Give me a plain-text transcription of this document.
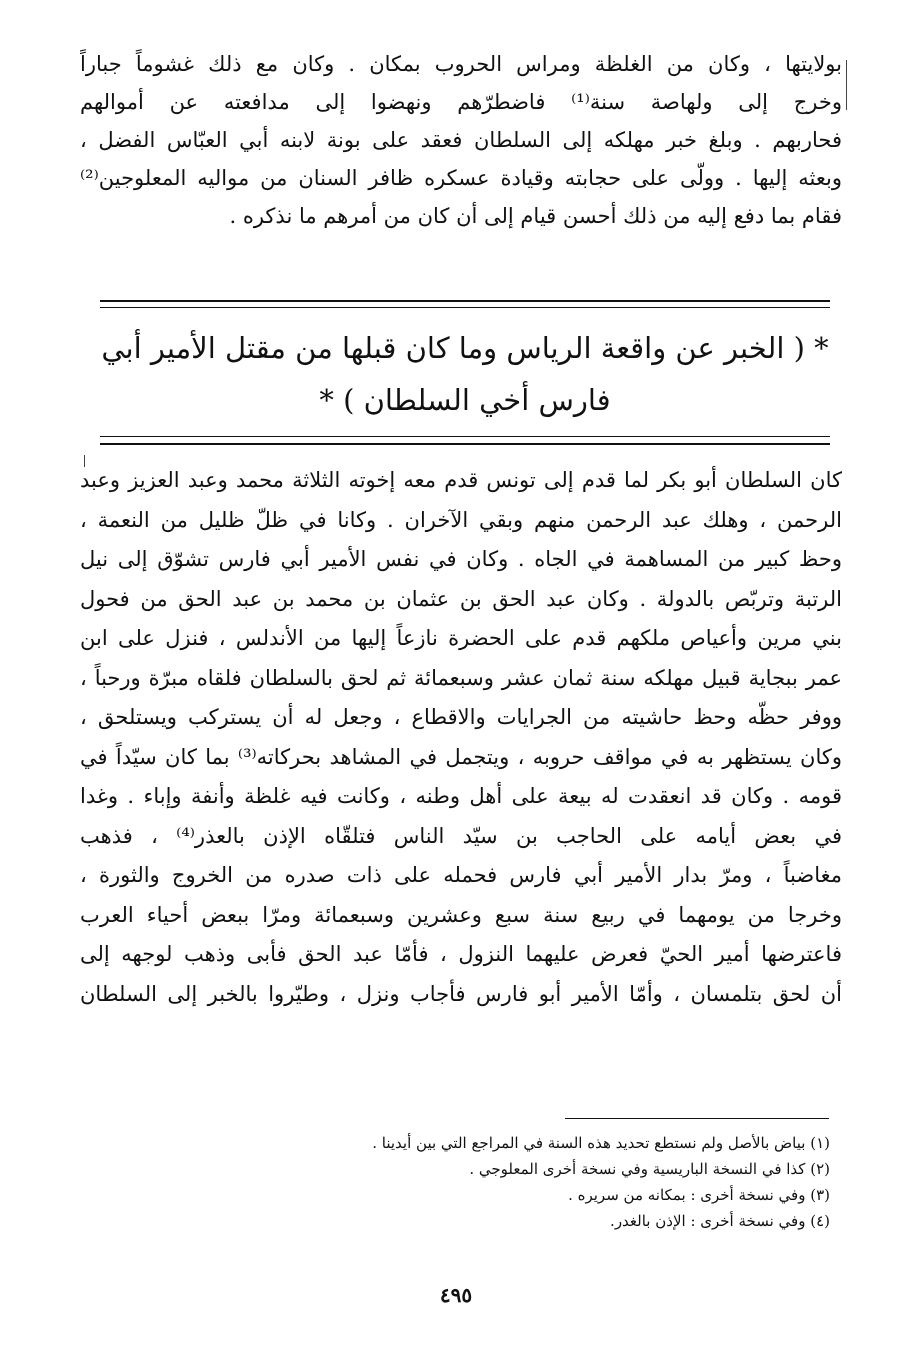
بولايتها ، وكان من الغلظة ومراس الحروب بمكان . وكان مع ذلك غشوماً جباراً
وخرج إلى ولهاصة سنة⁽¹⁾ فاضطرّهم ونهضوا إلى مدافعته عن أموالهم
فحاربهم . وبلغ خبر مهلكه إلى السلطان فعقد على بونة لابنه أبي العبّاس الفضل ،
وبعثه إليها . وولّى على حجابته وقيادة عسكره ظافر السنان من مواليه المعلوجين⁽²⁾
فقام بما دفع إليه من ذلك أحسن قيام إلى أن كان من أمرهم ما نذكره .

* ( الخبر عن واقعة الرياس وما كان قبلها من مقتل الأمير أبي
فارس أخي السلطان ) *

كان السلطان أبو بكر لما قدم إلى تونس قدم معه إخوته الثلاثة محمد وعبد العزيز وعبد
الرحمن ، وهلك عبد الرحمن منهم وبقي الآخران . وكانا في ظلّ ظليل من النعمة ،
وحظ كبير من المساهمة في الجاه . وكان في نفس الأمير أبي فارس تشوّق إلى نيل
الرتبة وتربّص بالدولة . وكان عبد الحق بن عثمان بن محمد بن عبد الحق من فحول
بني مرين وأعياص ملكهم قدم على الحضرة نازعاً إليها من الأندلس ، فنزل على ابن
عمر ببجاية قبيل مهلكه سنة ثمان عشر وسبعمائة ثم لحق بالسلطان فلقاه مبرّة ورحباً ،
ووفر حظّه وحظ حاشيته من الجرايات والاقطاع ، وجعل له أن يسترکب ويستلحق ،
وكان يستظهر به في مواقف حروبه ، ويتجمل في المشاهد بحركاته⁽³⁾ بما كان سيّداً في
قومه . وكان قد انعقدت له بيعة على أهل وطنه ، وكانت فيه غلظة وأنفة وإباء . وغدا
في بعض أيامه على الحاجب بن سيّد الناس فتلقّاه الإذن بالعذر⁽⁴⁾ ، فذهب
مغاضباً ، ومرّ بدار الأمير أبي فارس فحمله على ذات صدره من الخروج والثورة ،
وخرجا من يومهما في ربيع سنة سبع وعشرين وسبعمائة ومرّا ببعض أحياء العرب
فاعترضها أمير الحيّ فعرض عليهما النزول ، فأمّا عبد الحق فأبى وذهب لوجهه إلى
أن لحق بتلمسان ، وأمّا الأمير أبو فارس فأجاب ونزل ، وطيّروا بالخبر إلى السلطان

(١) بياض بالأصل ولم نستطع تحديد هذه السنة في المراجع التي بين أيدينا .
(٢) كذا في النسخة الباريسية وفي نسخة أخرى المعلوجي .
(٣) وفي نسخة أخرى : بمكانه من سريره .
(٤) وفي نسخة أخرى : الإذن بالغدر.
٤٩٥
